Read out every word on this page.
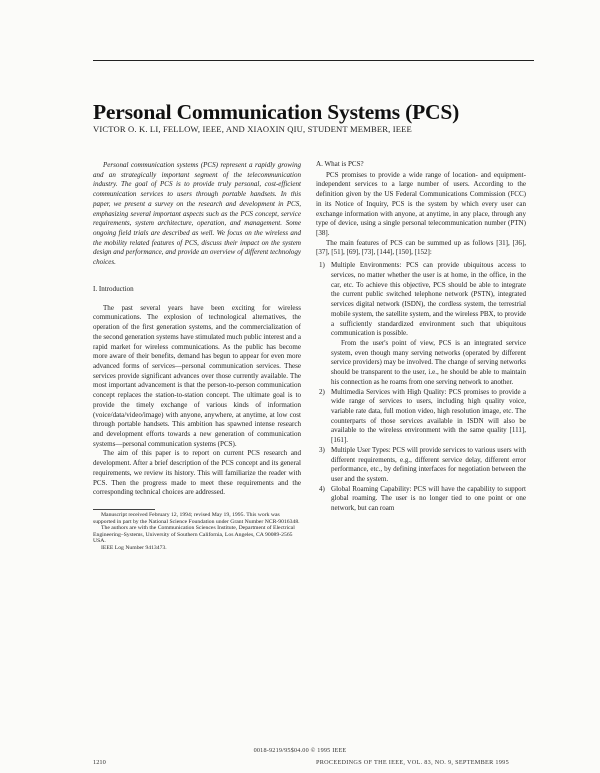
Personal Communication Systems (PCS)
VICTOR O. K. LI, FELLOW, IEEE, AND XIAOXIN QIU, STUDENT MEMBER, IEEE

Personal communication systems (PCS) represent a rapidly growing and an strategically important segment of the telecommunication industry. The goal of PCS is to provide truly personal, cost-efficient communication services to users through portable handsets. In this paper, we present a survey on the research and development in PCS, emphasizing several important aspects such as the PCS concept, service requirements, system architecture, operation, and management. Some ongoing field trials are described as well. We focus on the wireless and the mobility related features of PCS, discuss their impact on the system design and performance, and provide an overview of different technology choices.

I. Introduction

The past several years have been exciting for wireless communications. The explosion of technological alternatives, the operation of the first generation systems, and the commercialization of the second generation systems have stimulated much public interest and a rapid market for wireless communications. As the public has become more aware of their benefits, demand has begun to appear for even more advanced forms of services—personal communication services. These services provide significant advances over those currently available. The most important advancement is that the person-to-person communication concept replaces the station-to-station concept. The ultimate goal is to provide the timely exchange of various kinds of information (voice/data/video/image) with anyone, anywhere, at anytime, at low cost through portable handsets. This ambition has spawned intense research and development efforts towards a new generation of communication systems—personal communication systems (PCS).

The aim of this paper is to report on current PCS research and development. After a brief description of the PCS concept and its general requirements, we review its history. This will familiarize the reader with PCS. Then the progress made to meet these requirements and the corresponding technical choices are addressed.

Manuscript received February 12, 1994; revised May 19, 1995. This work was supported in part by the National Science Foundation under Grant Number NCR-9016348.

The authors are with the Communication Sciences Institute, Department of Electrical Engineering–Systems, University of Southern California, Los Angeles, CA 90089-2565 USA.

IEEE Log Number 9413473.

A. What is PCS?

PCS promises to provide a wide range of location- and equipment-independent services to a large number of users. According to the definition given by the US Federal Communications Commission (FCC) in its Notice of Inquiry, PCS is the system by which every user can exchange information with anyone, at anytime, in any place, through any type of device, using a single personal telecommunication number (PTN) [38].

The main features of PCS can be summed up as follows [31], [36], [37], [51], [69], [73], [144], [150], [152]:

1) Multiple Environments: PCS can provide ubiquitous access to services, no matter whether the user is at home, in the office, in the car, etc. To achieve this objective, PCS should be able to integrate the current public switched telephone network (PSTN), integrated services digital network (ISDN), the cordless system, the terrestrial mobile system, the satellite system, and the wireless PBX, to provide a sufficiently standardized environment such that ubiquitous communication is possible.
From the user's point of view, PCS is an integrated service system, even though many serving networks (operated by different service providers) may be involved. The change of serving networks should be transparent to the user, i.e., he should be able to maintain his connection as he roams from one serving network to another.
2) Multimedia Services with High Quality: PCS promises to provide a wide range of services to users, including high quality voice, variable rate data, full motion video, high resolution image, etc. The counterparts of those services available in ISDN will also be available to the wireless environment with the same quality [111], [161].
3) Multiple User Types: PCS will provide services to various users with different requirements, e.g., different service delay, different error performance, etc., by defining interfaces for negotiation between the user and the system.
4) Global Roaming Capability: PCS will have the capability to support global roaming. The user is no longer tied to one point or one network, but can roam
0018-9219/95$04.00 © 1995 IEEE
1210	PROCEEDINGS OF THE IEEE, VOL. 83, NO. 9, SEPTEMBER 1995
